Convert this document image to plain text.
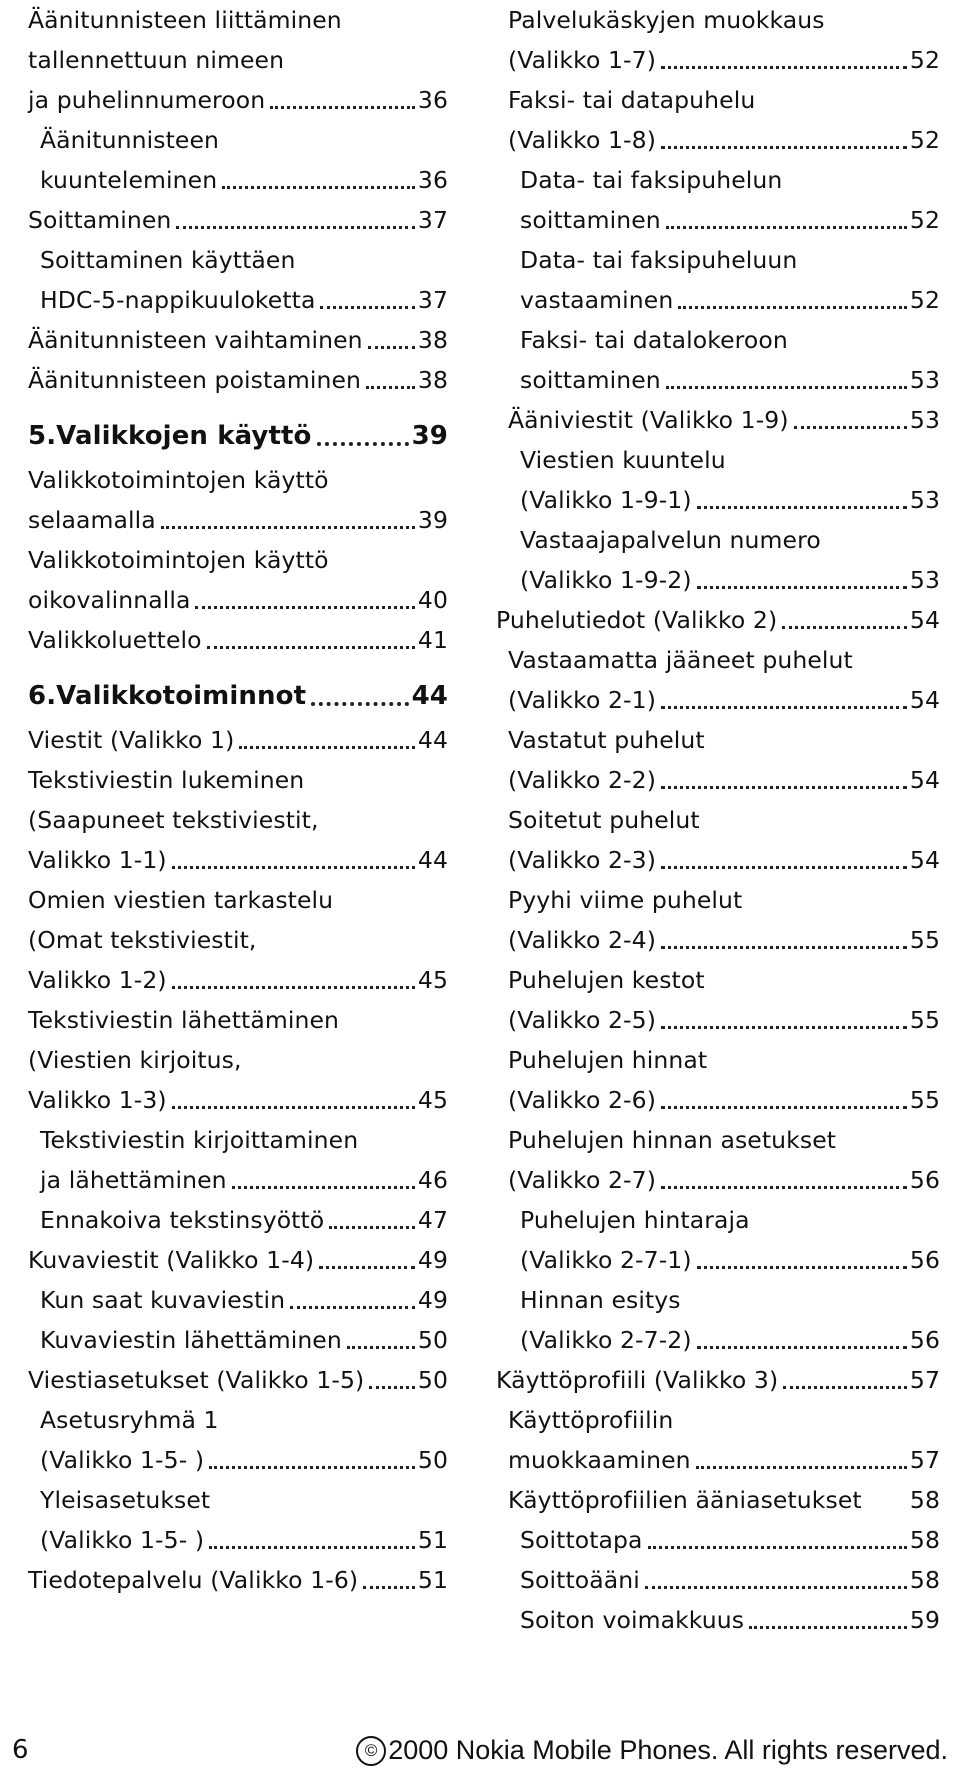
Äänitunnisteen liittäminen
tallennettuun nimeen
ja puhelinnumeroon	36
Äänitunnisteen
kuunteleminen	36
Soittaminen	37
Soittaminen käyttäen
HDC-5-nappikuuloketta	37
Äänitunnisteen vaihtaminen 38
Äänitunnisteen poistaminen 38
5.Valikkojen käyttö	39
Valikkotoimintojen käyttö
selaamalla	39
Valikkotoimintojen käyttö
oikovalinnalla	40
Valikkoluettelo	41
6.Valikkotoiminnot	44
Viestit (Valikko 1)	44
Tekstiviestin lukeminen
(Saapuneet tekstiviestit,
Valikko 1-1)	44
Omien viestien tarkastelu
(Omat tekstiviestit,
Valikko 1-2)	45
Tekstiviestin lähettäminen
(Viestien kirjoitus,
Valikko 1-3)	45
Tekstiviestin kirjoittaminen
ja lähettäminen	46
Ennakoiva tekstinsyöttö	47
Kuvaviestit (Valikko 1-4)	49
Kun saat kuvaviestin	49
Kuvaviestin lähettäminen	50
Viestiasetukset (Valikko 1-5) 50
Asetusryhmä 1
(Valikko 1-5- )	50
Yleisasetukset
(Valikko 1-5- )	51
Tiedotepalvelu (Valikko 1-6)	51
Palvelukäskyjen muokkaus
(Valikko 1-7)	52
Faksi- tai datapuhelu
(Valikko 1-8)	52
Data- tai faksipuhelun
soittaminen	52
Data- tai faksipuheluun
vastaaminen	52
Faksi- tai datalokeroon
soittaminen	53
Ääniviestit (Valikko 1-9)	53
Viestien kuuntelu
(Valikko 1-9-1)	53
Vastaajapalvelun numero
(Valikko 1-9-2)	53
Puhelutiedot (Valikko 2)	54
Vastaamatta jääneet puhelut
(Valikko 2-1)	54
Vastatut puhelut
(Valikko 2-2)	54
Soitetut puhelut
(Valikko 2-3)	54
Pyyhi viime puhelut
(Valikko 2-4)	55
Puhelujen kestot
(Valikko 2-5)	55
Puhelujen hinnat
(Valikko 2-6)	55
Puhelujen hinnan asetukset
(Valikko 2-7)	56
Puhelujen hintaraja
(Valikko 2-7-1)	56
Hinnan esitys
(Valikko 2-7-2)	56
Käyttöprofiili (Valikko 3)	57
Käyttöprofiilin
muokkaaminen	57
Käyttöprofiilien ääniasetukset 58
Soittotapa	58
Soittoääni	58
Soiton voimakkuus	59
6	© 2000 Nokia Mobile Phones. All rights reserved.
